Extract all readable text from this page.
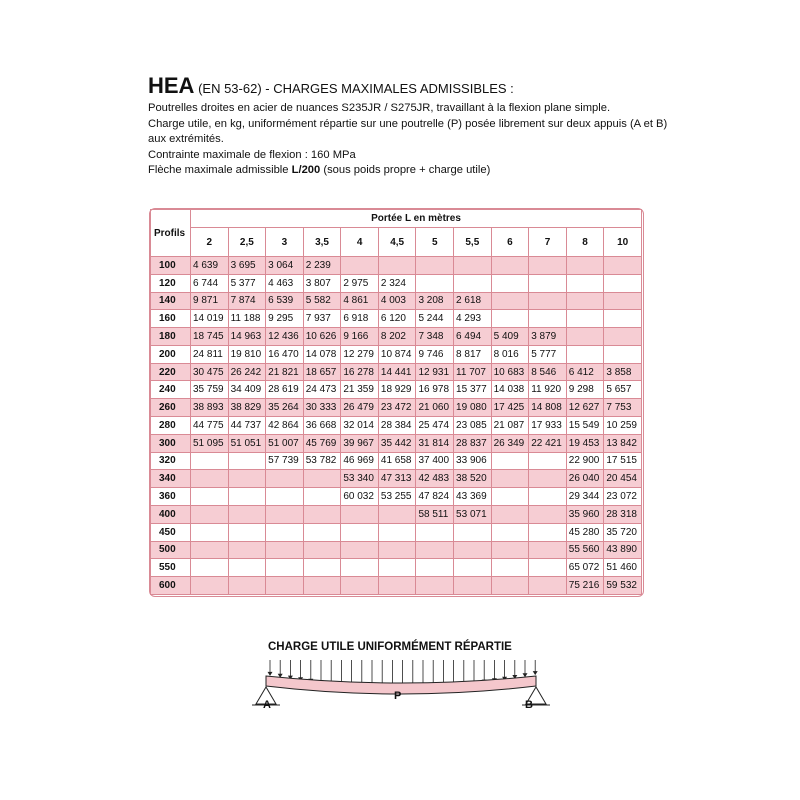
HEA (EN 53-62) - CHARGES MAXIMALES ADMISSIBLES :

Poutrelles droites en acier de nuances S235JR / S275JR, travaillant à la flexion plane simple.

Charge utile, en kg, uniformément répartie sur une poutrelle (P) posée librement sur deux appuis (A et B) aux extrémités.

Contrainte maximale de flexion : 160 MPa

Flèche maximale admissible L/200 (sous poids propre + charge utile)

Profils	Portée L en mètres											
	2	2,5	3	3,5	4	4,5	5	5,5	6	7	8	10
100	4 639	3 695	3 064	2 239								
120	6 744	5 377	4 463	3 807	2 975	2 324						
140	9 871	7 874	6 539	5 582	4 861	4 003	3 208	2 618				
160	14 019	11 188	9 295	7 937	6 918	6 120	5 244	4 293				
180	18 745	14 963	12 436	10 626	9 166	8 202	7 348	6 494	5 409	3 879		
200	24 811	19 810	16 470	14 078	12 279	10 874	9 746	8 817	8 016	5 777		
220	30 475	26 242	21 821	18 657	16 278	14 441	12 931	11 707	10 683	8 546	6 412	3 858
240	35 759	34 409	28 619	24 473	21 359	18 929	16 978	15 377	14 038	11 920	9 298	5 657
260	38 893	38 829	35 264	30 333	26 479	23 472	21 060	19 080	17 425	14 808	12 627	7 753
280	44 775	44 737	42 864	36 668	32 014	28 384	25 474	23 085	21 087	17 933	15 549	10 259
300	51 095	51 051	51 007	45 769	39 967	35 442	31 814	28 837	26 349	22 421	19 453	13 842
320			57 739	53 782	46 969	41 658	37 400	33 906			22 900	17 515
340					53 340	47 313	42 483	38 520			26 040	20 454
360					60 032	53 255	47 824	43 369			29 344	23 072
400							58 511	53 071			35 960	28 318
450											45 280	35 720
500											55 560	43 890
550											65 072	51 460
600											75 216	59 532
CHARGE UTILE UNIFORMÉMENT RÉPARTIE
P
A	B
